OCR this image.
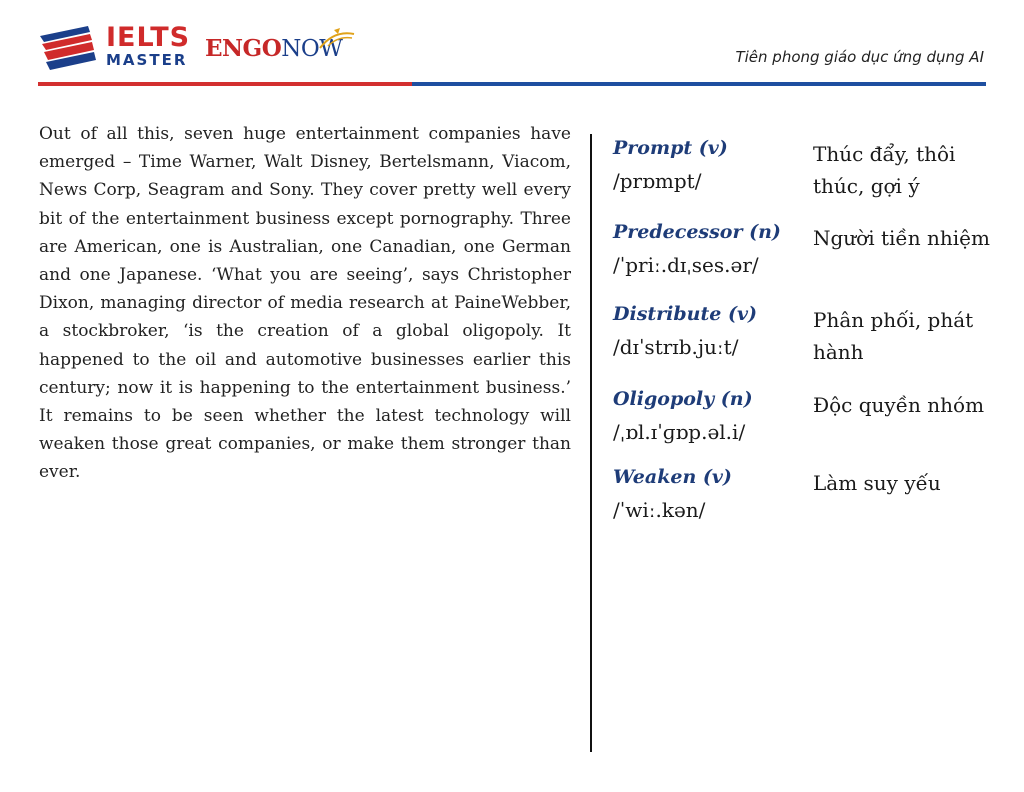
IELTS
MASTER ENGONOW	Tiên phong giáo dục ứng dụng AI
Out of all this, seven huge entertainment companies have emerged – Time Warner, Walt Disney, Bertelsmann, Viacom, News Corp, Seagram and Sony. They cover pretty well every bit of the entertainment business except pornography. Three are American, one is Australian, one Canadian, one German and one Japanese. ‘What you are seeing’, says Christopher Dixon, managing director of media research at PaineWebber, a stockbroker, ‘is the creation of a global oligopoly. It happened to the oil and automotive businesses earlier this century; now it is happening to the entertainment business.’ It remains to be seen whether the latest technology will weaken those great companies, or make them stronger than ever.
Prompt (v)
/prɒmpt/
Thúc đẩy, thôi thúc, gợi ý
Predecessor (n)
/ˈpriː.dɪˌses.ər/
Người tiền nhiệm
Distribute (v)
/dɪˈstrɪb.juːt/
Phân phối, phát hành
Oligopoly (n)
/ˌɒl.ɪˈɡɒp.əl.i/
Độc quyền nhóm
Weaken (v)
/ˈwiː.kən/
Làm suy yếu
